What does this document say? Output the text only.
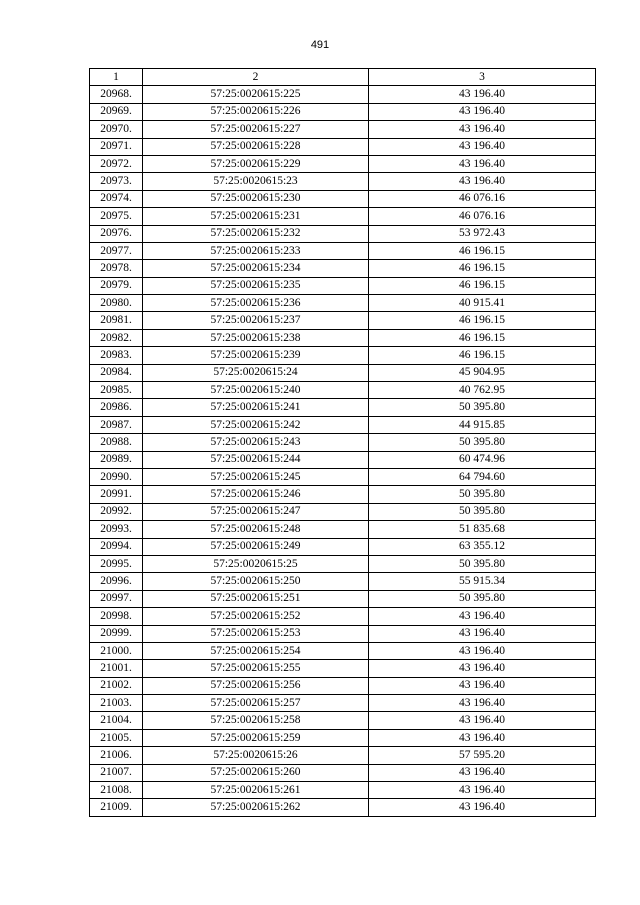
491
1	2	3
20968.	57:25:0020615:225	43 196.40
20969.	57:25:0020615:226	43 196.40
20970.	57:25:0020615:227	43 196.40
20971.	57:25:0020615:228	43 196.40
20972.	57:25:0020615:229	43 196.40
20973.	57:25:0020615:23	43 196.40
20974.	57:25:0020615:230	46 076.16
20975.	57:25:0020615:231	46 076.16
20976.	57:25:0020615:232	53 972.43
20977.	57:25:0020615:233	46 196.15
20978.	57:25:0020615:234	46 196.15
20979.	57:25:0020615:235	46 196.15
20980.	57:25:0020615:236	40 915.41
20981.	57:25:0020615:237	46 196.15
20982.	57:25:0020615:238	46 196.15
20983.	57:25:0020615:239	46 196.15
20984.	57:25:0020615:24	45 904.95
20985.	57:25:0020615:240	40 762.95
20986.	57:25:0020615:241	50 395.80
20987.	57:25:0020615:242	44 915.85
20988.	57:25:0020615:243	50 395.80
20989.	57:25:0020615:244	60 474.96
20990.	57:25:0020615:245	64 794.60
20991.	57:25:0020615:246	50 395.80
20992.	57:25:0020615:247	50 395.80
20993.	57:25:0020615:248	51 835.68
20994.	57:25:0020615:249	63 355.12
20995.	57:25:0020615:25	50 395.80
20996.	57:25:0020615:250	55 915.34
20997.	57:25:0020615:251	50 395.80
20998.	57:25:0020615:252	43 196.40
20999.	57:25:0020615:253	43 196.40
21000.	57:25:0020615:254	43 196.40
21001.	57:25:0020615:255	43 196.40
21002.	57:25:0020615:256	43 196.40
21003.	57:25:0020615:257	43 196.40
21004.	57:25:0020615:258	43 196.40
21005.	57:25:0020615:259	43 196.40
21006.	57:25:0020615:26	57 595.20
21007.	57:25:0020615:260	43 196.40
21008.	57:25:0020615:261	43 196.40
21009.	57:25:0020615:262	43 196.40
